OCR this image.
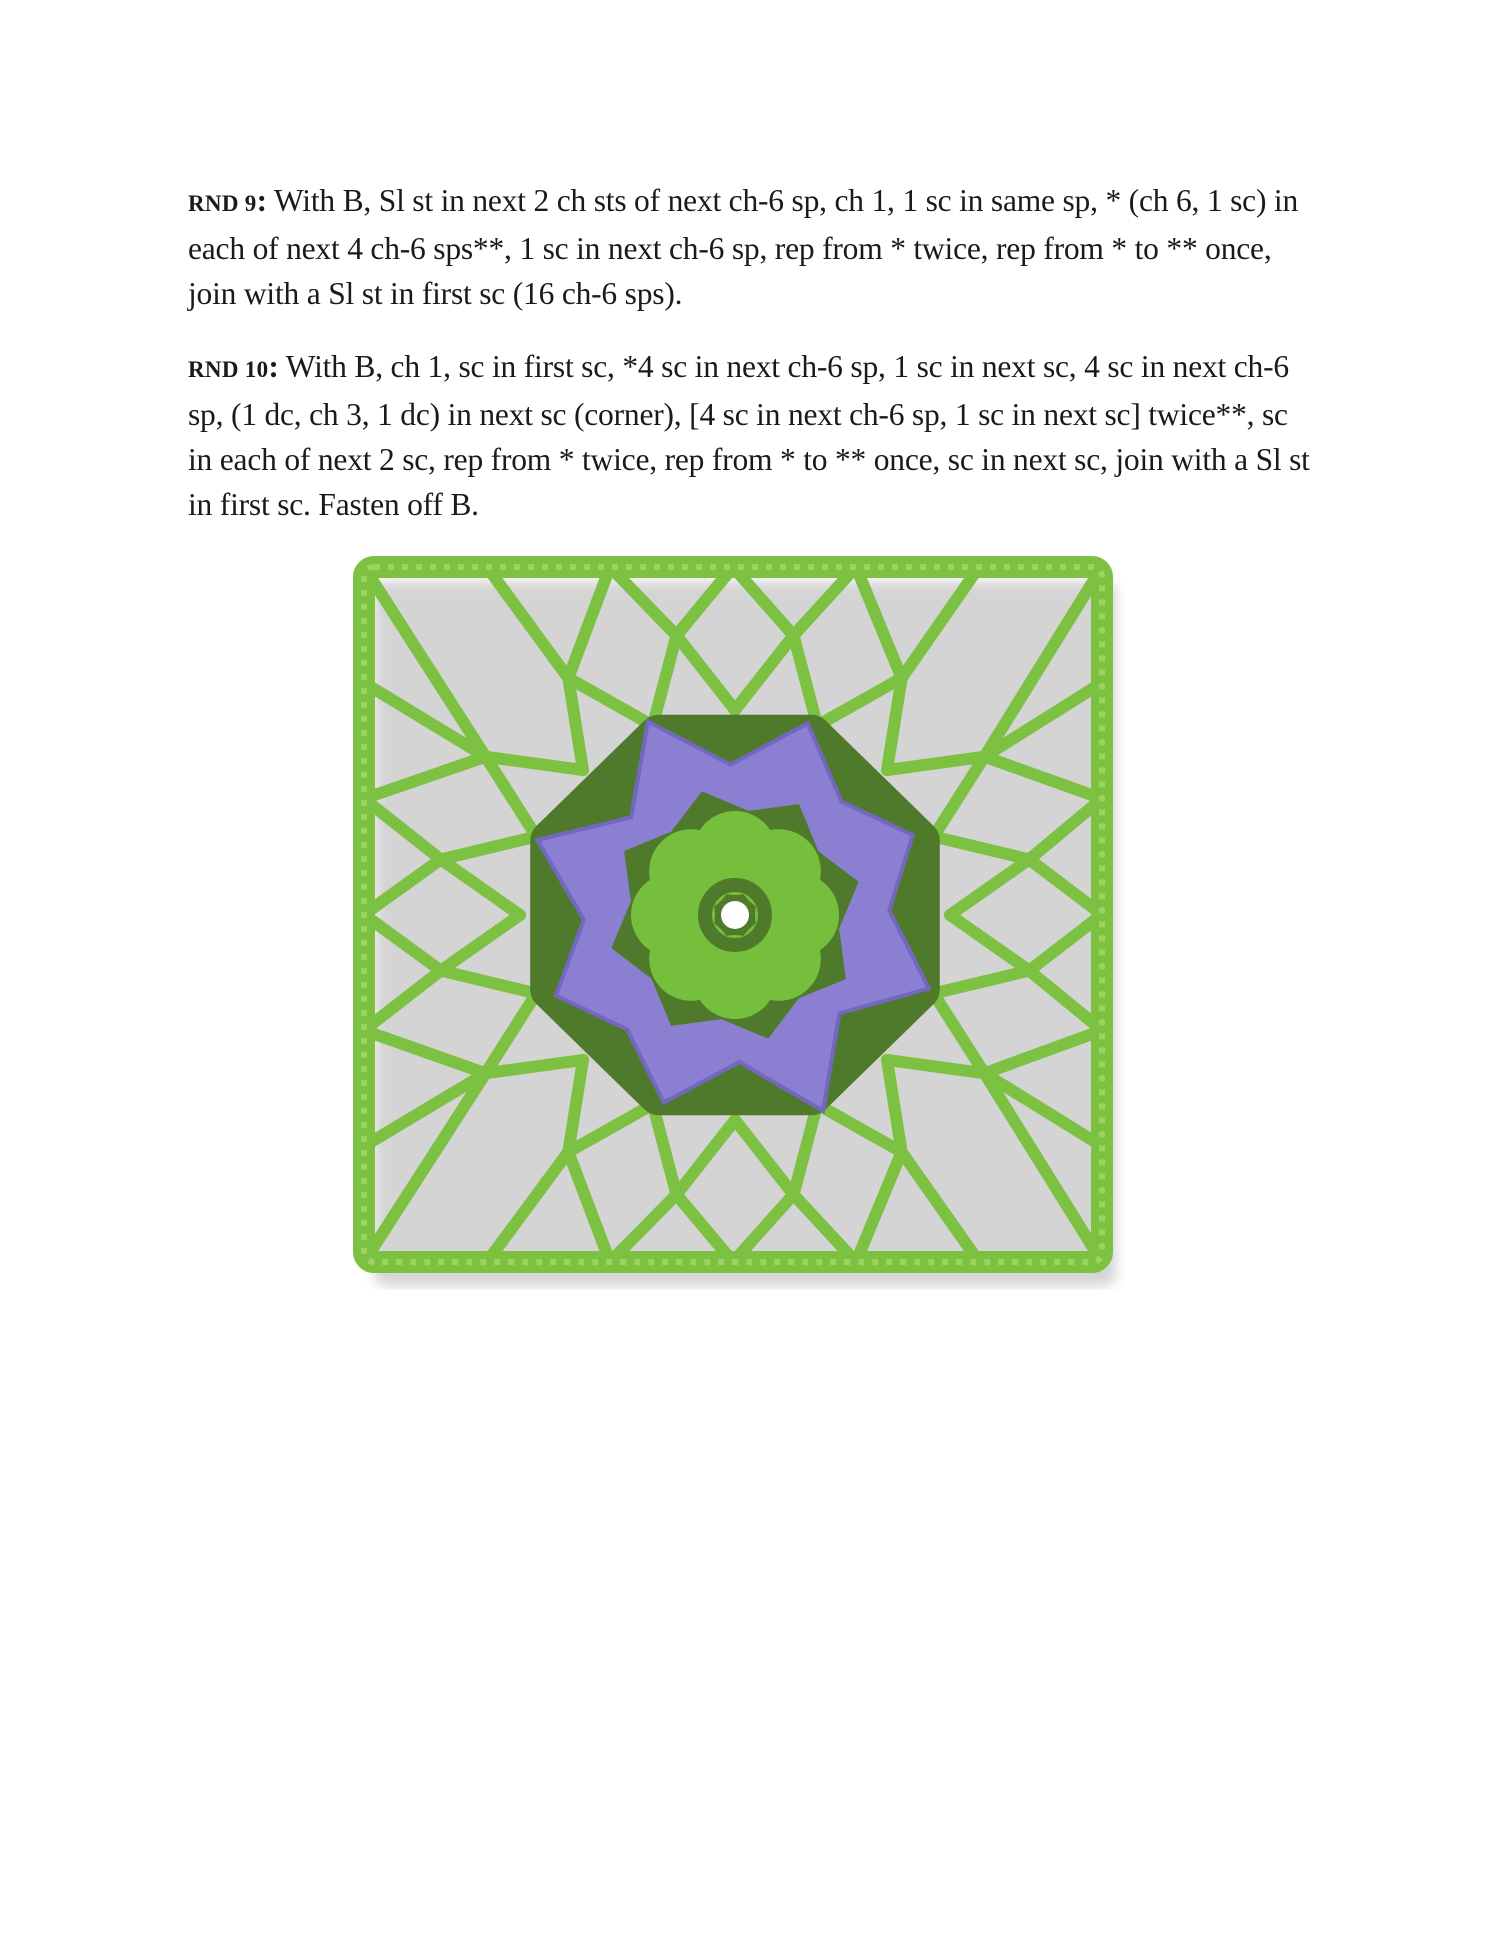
RND 9: With B, Sl st in next 2 ch sts of next ch-6 sp, ch 1, 1 sc in same sp, * (ch 6, 1 sc) in each of next 4 ch-6 sps**, 1 sc in next ch-6 sp, rep from * twice, rep from * to ** once, join with a Sl st in first sc (16 ch-6 sps).

RND 10: With B, ch 1, sc in first sc, *4 sc in next ch-6 sp, 1 sc in next sc, 4 sc in next ch-6 sp, (1 dc, ch 3, 1 dc) in next sc (corner), [4 sc in next ch-6 sp, 1 sc in next sc] twice**, sc in each of next 2 sc, rep from * twice, rep from * to ** once, sc in next sc, join with a Sl st in first sc. Fasten off B.
